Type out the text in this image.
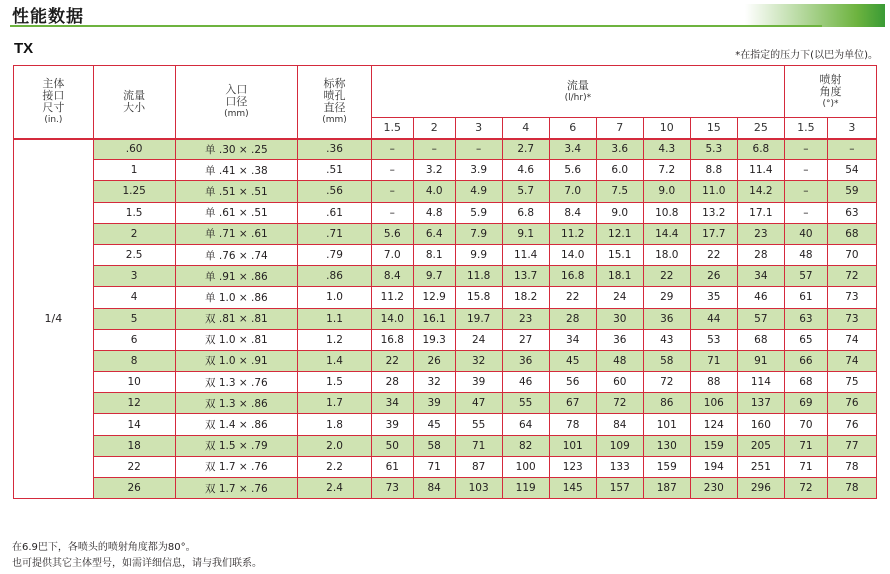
性能数据
TX	*在指定的压力下(以巴为单位)。
主体
接口
尺寸

(in.)	流量
大小	入口
口径
(mm)	标称
喷孔
直径
(mm)	流量
(l/hr)*									喷射
角度
(°)*	

				1.5	2	3	4	6	7	10	15	25	1.5	3
1/4	.60	单 .30 × .25	.36	–	–	–	2.7	3.4	3.6	4.3	5.3	6.8	–	–
	1	单 .41 × .38	.51	–	3.2	3.9	4.6	5.6	6.0	7.2	8.8	11.4	–	54
	1.25	单 .51 × .51	.56	–	4.0	4.9	5.7	7.0	7.5	9.0	11.0	14.2	–	59
	1.5	单 .61 × .51	.61	–	4.8	5.9	6.8	8.4	9.0	10.8	13.2	17.1	–	63
	2	单 .71 × .61	.71	5.6	6.4	7.9	9.1	11.2	12.1	14.4	17.7	23	40	68
	2.5	单 .76 × .74	.79	7.0	8.1	9.9	11.4	14.0	15.1	18.0	22	28	48	70
	3	单 .91 × .86	.86	8.4	9.7	11.8	13.7	16.8	18.1	22	26	34	57	72
	4	单 1.0 × .86	1.0	11.2	12.9	15.8	18.2	22	24	29	35	46	61	73
	5	双 .81 × .81	1.1	14.0	16.1	19.7	23	28	30	36	44	57	63	73
	6	双 1.0 × .81	1.2	16.8	19.3	24	27	34	36	43	53	68	65	74
	8	双 1.0 × .91	1.4	22	26	32	36	45	48	58	71	91	66	74
	10	双 1.3 × .76	1.5	28	32	39	46	56	60	72	88	114	68	75
	12	双 1.3 × .86	1.7	34	39	47	55	67	72	86	106	137	69	76
	14	双 1.4 × .86	1.8	39	45	55	64	78	84	101	124	160	70	76
	18	双 1.5 × .79	2.0	50	58	71	82	101	109	130	159	205	71	77
	22	双 1.7 × .76	2.2	61	71	87	100	123	133	159	194	251	71	78
	26	双 1.7 × .76	2.4	73	84	103	119	145	157	187	230	296	72	78
在6.9巴下，各喷头的喷射角度都为80°。
也可提供其它主体型号，如需详细信息，请与我们联系。
